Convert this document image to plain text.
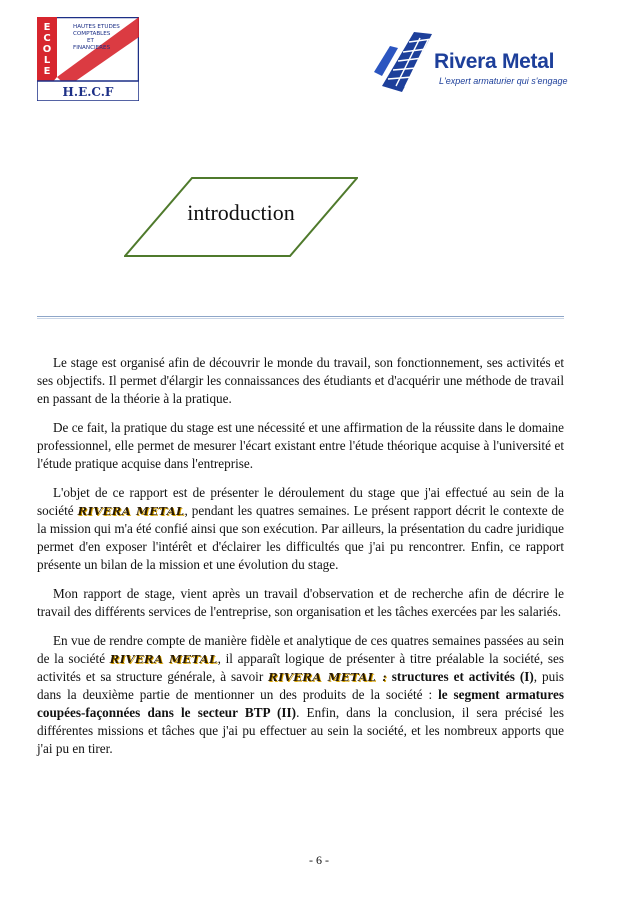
E
C
O
L
E
HAUTES ETUDES
COMPTABLES
ET
FINANCIERES
H.E.C.F
Rivera Metal
L'expert armaturier qui s'engage
introduction

Le stage est organisé afin de découvrir le monde du travail, son fonctionnement, ses activités et ses objectifs. Il permet d'élargir les connaissances des étudiants et d'acquérir une méthode de travail en passant de la théorie à la pratique.

De ce fait, la pratique du stage est une nécessité et une affirmation de la réussite dans le domaine professionnel, elle permet de mesurer l'écart existant entre l'étude théorique acquise à l'université et l'étude pratique acquise dans l'entreprise.

L'objet de ce rapport est de présenter le déroulement du stage que j'ai effectué au sein de la société RIVERA METAL, pendant les quatres semaines. Le présent rapport décrit le contexte de la mission qui m'a été confié ainsi que son exécution. Par ailleurs, la présentation du cadre juridique permet d'en exposer l'intérêt et d'éclairer les difficultés que j'ai pu rencontrer. Enfin, ce rapport présente un bilan de la mission et une évolution du stage.

Mon rapport de stage, vient après un travail d'observation et de recherche afin de décrire le travail des différents services de l'entreprise, son organisation et les tâches exercées par les salariés.

En vue de rendre compte de manière fidèle et analytique de ces quatres semaines passées au sein de la société RIVERA METAL, il apparaît logique de présenter à titre préalable la société, ses activités et sa structure générale, à savoir RIVERA METAL : structures et activités (I), puis dans la deuxième partie de mentionner un des produits de la société : le segment armatures coupées-façonnées dans le secteur BTP (II). Enfin, dans la conclusion, il sera précisé les différentes missions et tâches que j'ai pu effectuer au sein la société, et les nombreux apports que j'ai pu en tirer.

- 6 -
